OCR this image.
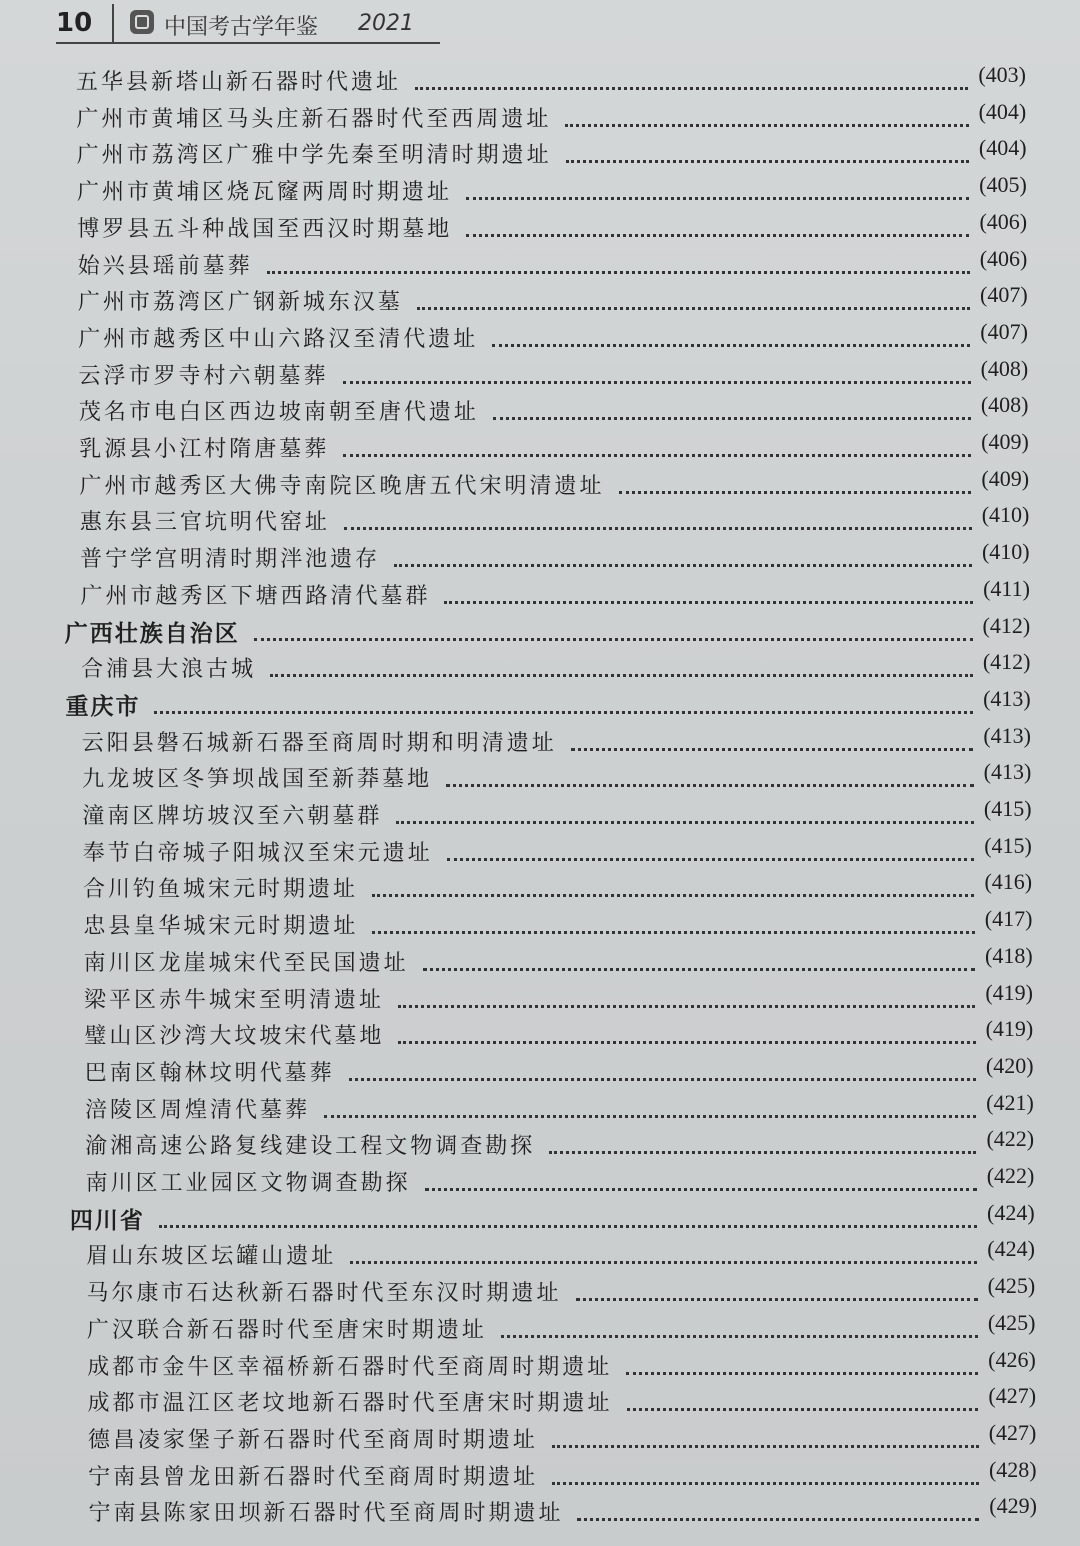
10	中国考古学年鉴 2021
五华县新塔山新石器时代遗址	(403)
广州市黄埔区马头庄新石器时代至西周遗址	(404)
广州市荔湾区广雅中学先秦至明清时期遗址	(404)
广州市黄埔区烧瓦窿两周时期遗址	(405)
博罗县五斗种战国至西汉时期墓地	(406)
始兴县瑶前墓葬	(406)
广州市荔湾区广钢新城东汉墓	(407)
广州市越秀区中山六路汉至清代遗址	(407)
云浮市罗寺村六朝墓葬	(408)
茂名市电白区西边坡南朝至唐代遗址	(408)
乳源县小江村隋唐墓葬	(409)
广州市越秀区大佛寺南院区晚唐五代宋明清遗址	(409)
惠东县三官坑明代窑址	(410)
普宁学宫明清时期泮池遗存	(410)
广州市越秀区下塘西路清代墓群	(411)
广西壮族自治区	(412)
合浦县大浪古城	(412)
重庆市	(413)
云阳县磐石城新石器至商周时期和明清遗址	(413)
九龙坡区冬笋坝战国至新莽墓地	(413)
潼南区牌坊坡汉至六朝墓群	(415)
奉节白帝城子阳城汉至宋元遗址	(415)
合川钓鱼城宋元时期遗址	(416)
忠县皇华城宋元时期遗址	(417)
南川区龙崖城宋代至民国遗址	(418)
梁平区赤牛城宋至明清遗址	(419)
璧山区沙湾大坟坡宋代墓地	(419)
巴南区翰林坟明代墓葬	(420)
涪陵区周煌清代墓葬	(421)
渝湘高速公路复线建设工程文物调查勘探	(422)
南川区工业园区文物调查勘探	(422)
四川省	(424)
眉山东坡区坛罐山遗址	(424)
马尔康市石达秋新石器时代至东汉时期遗址	(425)
广汉联合新石器时代至唐宋时期遗址	(425)
成都市金牛区幸福桥新石器时代至商周时期遗址	(426)
成都市温江区老坟地新石器时代至唐宋时期遗址	(427)
德昌凌家堡子新石器时代至商周时期遗址	(427)
宁南县曾龙田新石器时代至商周时期遗址	(428)
宁南县陈家田坝新石器时代至商周时期遗址	(429)
